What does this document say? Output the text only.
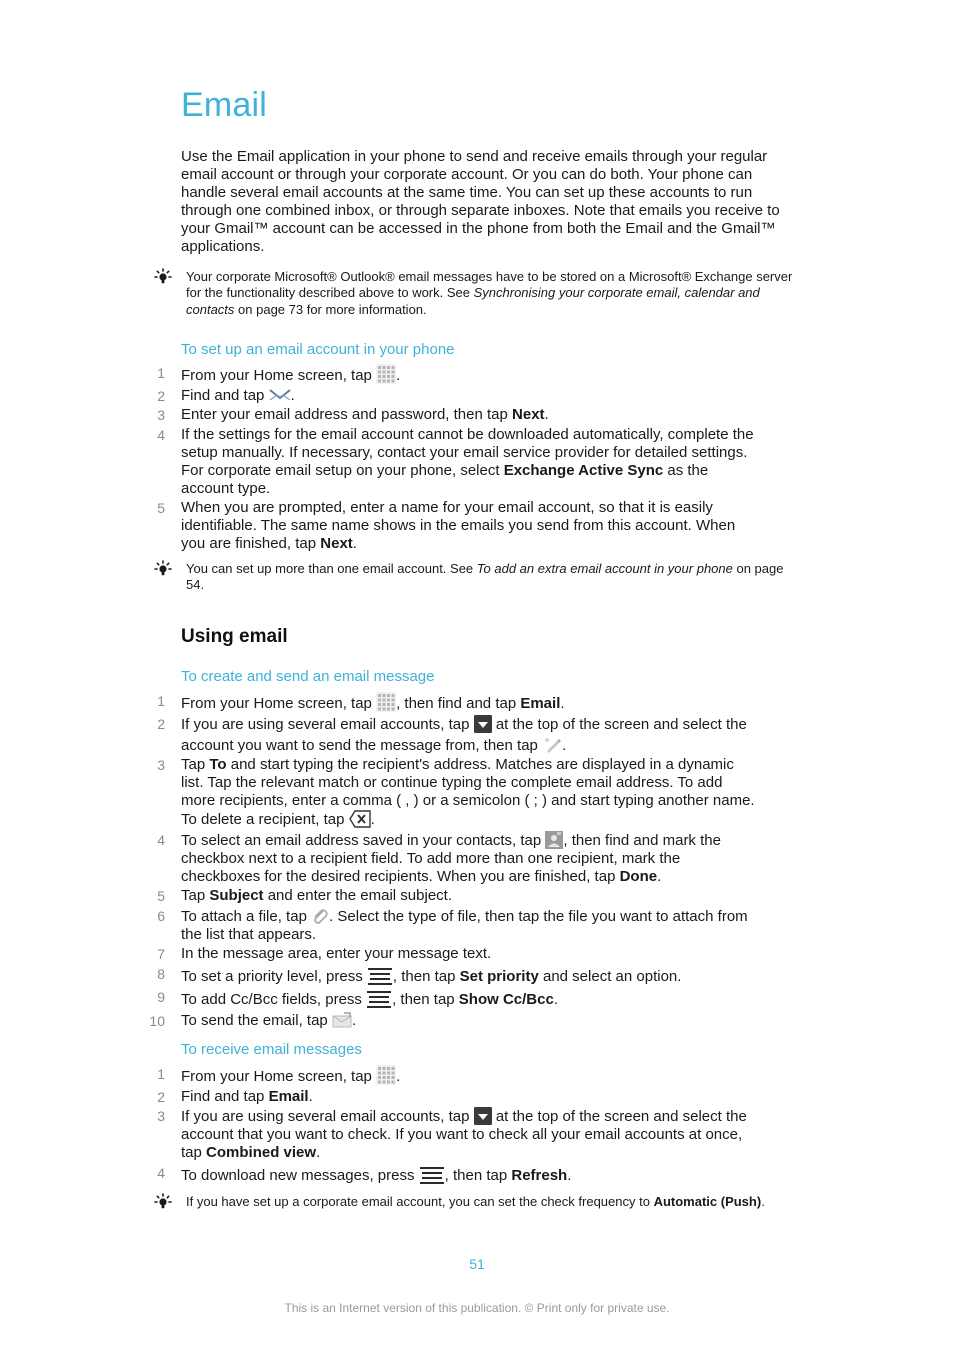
Email

Use the Email application in your phone to send and receive emails through your regular email account or through your corporate account. Or you can do both. Your phone can handle several email accounts at the same time. You can set up these accounts to run through one combined inbox, or through separate inboxes. Note that emails you receive to your Gmail™ account can be accessed in the phone from both the Email and the Gmail™ applications.

Your corporate Microsoft® Outlook® email messages have to be stored on a Microsoft® Exchange server for the functionality described above to work. See Synchronising your corporate email, calendar and contacts on page 73 for more information.

To set up an email account in your phone
1 From your Home screen, tap .
2 Find and tap .
3 Enter your email address and password, then tap Next.
4 If the settings for the email account cannot be downloaded automatically, complete the setup manually. If necessary, contact your email service provider for detailed settings. For corporate email setup on your phone, select Exchange Active Sync as the account type.
5 When you are prompted, enter a name for your email account, so that it is easily identifiable. The same name shows in the emails you send from this account. When you are finished, tap Next.

You can set up more than one email account. See To add an extra email account in your phone on page 54.

Using email
To create and send an email message
1 From your Home screen, tap , then find and tap Email.
2 If you are using several email accounts, tap  at the top of the screen and select the account you want to send the message from, then tap .
3 Tap To and start typing the recipient's address. Matches are displayed in a dynamic list. Tap the relevant match or continue typing the complete email address. To add more recipients, enter a comma ( , ) or a semicolon ( ; ) and start typing another name. To delete a recipient, tap .
4 To select an email address saved in your contacts, tap , then find and mark the checkbox next to a recipient field. To add more than one recipient, mark the checkboxes for the desired recipients. When you are finished, tap Done.
5 Tap Subject and enter the email subject.
6 To attach a file, tap . Select the type of file, then tap the file you want to attach from the list that appears.
7 In the message area, enter your message text.
8 To set a priority level, press , then tap Set priority and select an option.
9 To add Cc/Bcc fields, press , then tap Show Cc/Bcc.
10 To send the email, tap .
To receive email messages
1 From your Home screen, tap .
2 Find and tap Email.
3 If you are using several email accounts, tap  at the top of the screen and select the account that you want to check. If you want to check all your email accounts at once, tap Combined view.
4 To download new messages, press , then tap Refresh.

If you have set up a corporate email account, you can set the check frequency to Automatic (Push).

51
This is an Internet version of this publication. © Print only for private use.
